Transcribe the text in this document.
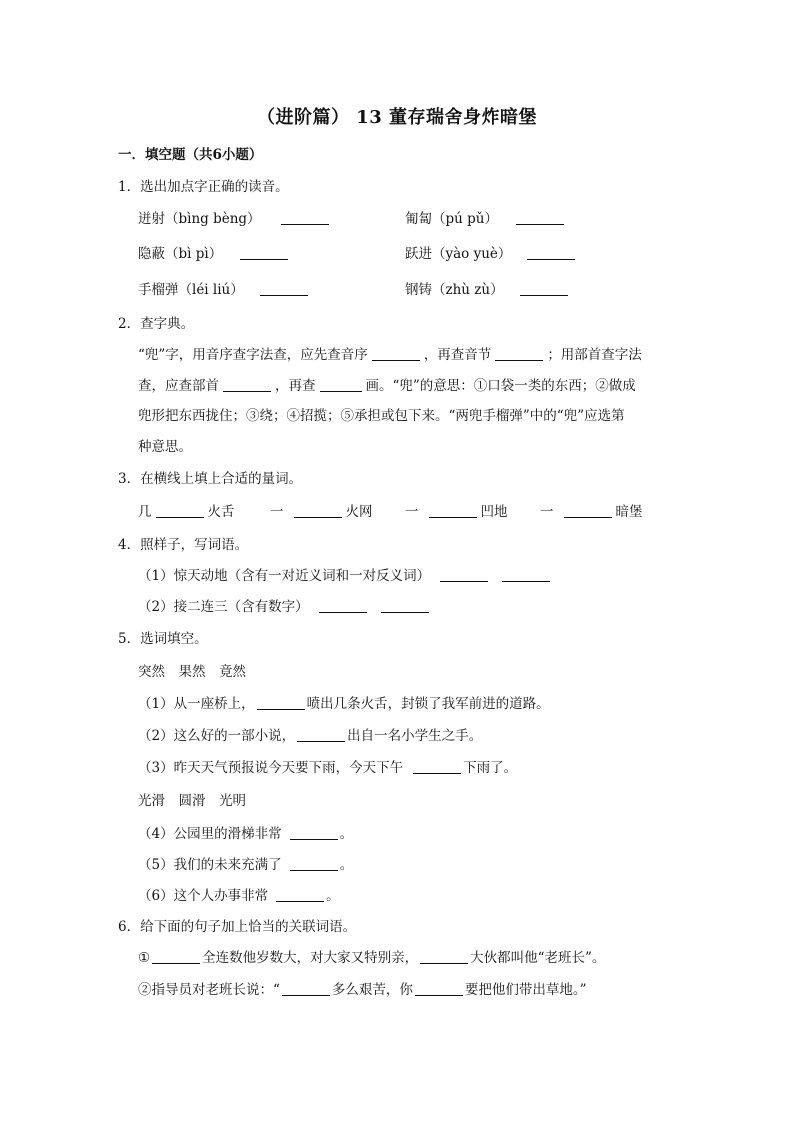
（进阶篇） 13 董存瑞舍身炸暗堡
一．填空题（共6小题）
1．选出加点字正确的读音。
迸射（bìng bèng）	匍匐（pú pǔ）
隐蔽（bì pì）	跃进（yào yuè）
手榴弹（léi liú）	钢铸（zhù zù）
2．查字典。
“兜”字，用音序查字法查，应先查音序	，再查音节	；用部首查字法
查，应查部首	，再查	画。“兜”的意思：①口袋一类的东西；②做成
兜形把东西拢住；③绕；④招揽；⑤承担或包下来。“两兜手榴弹”中的“兜”应选第
种意思。
3．在横线上填上合适的量词。
几	火舌	一	火网 一	凹地 一	暗堡
4．照样子，写词语。
（1）惊天动地（含有一对近义词和一对反义词）
（2）接二连三（含有数字）
5．选词填空。
突然　果然　竟然
（1）从一座桥上，	喷出几条火舌，封锁了我军前进的道路。
（2）这么好的一部小说，	出自一名小学生之手。
（3）昨天天气预报说今天要下雨，今天下午	下雨了。
光滑　圆滑　光明
（4）公园里的滑梯非常	。
（5）我们的未来充满了	。
（6）这个人办事非常	。
6．给下面的句子加上恰当的关联词语。
①	全连数他岁数大，对大家又特别亲，	大伙都叫他“老班长”。
②指导员对老班长说：“	多么艰苦，你	要把他们带出草地。”
